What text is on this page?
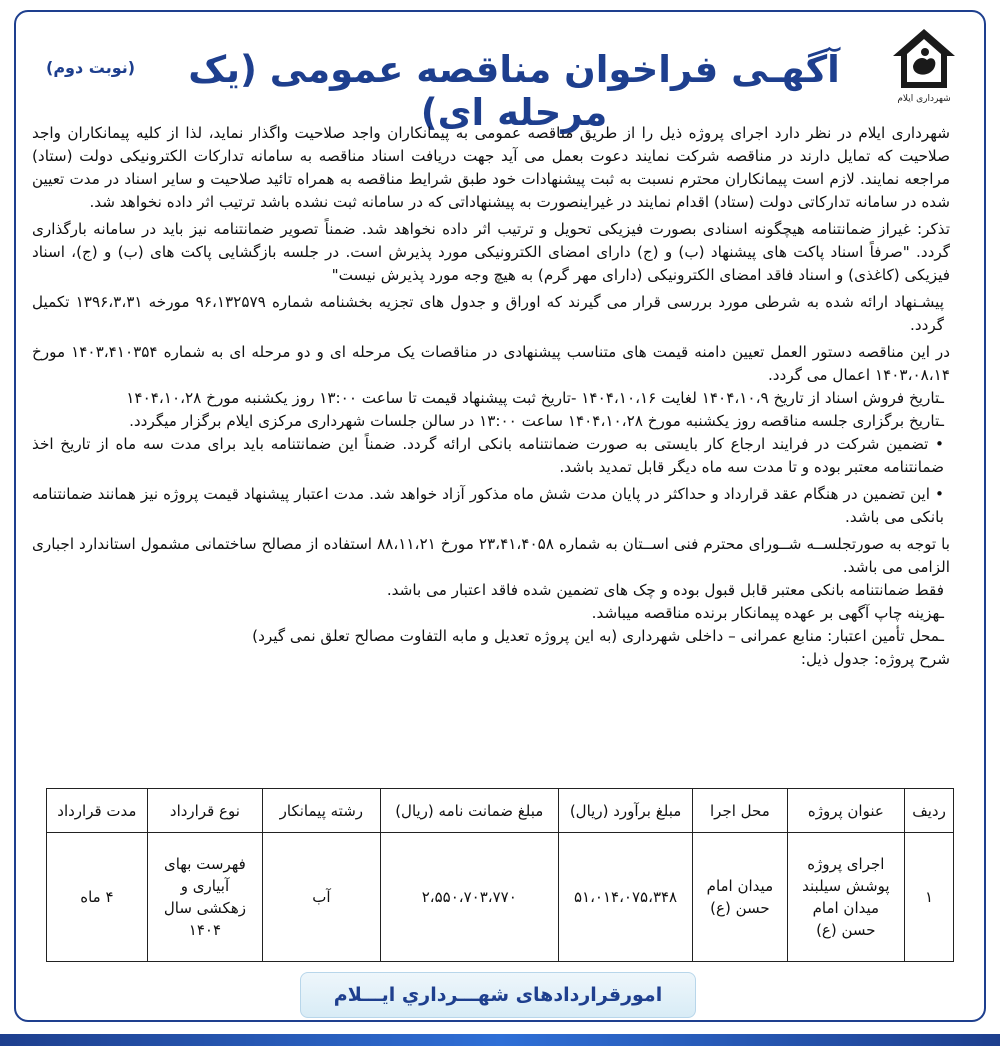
شهرداری ایلام
آگهـی فراخوان مناقصه عمومی (یک مرحله ای)
(نوبت دوم)

شهرداری ایلام در نظر دارد اجرای پروژه ذیل را از طریق مناقصه عمومی به پیمانکاران واجد صلاحیت واگذار نماید، لذا از کلیه پیمانکاران واجد صلاحیت که تمایل دارند در مناقصه شرکت نمایند دعوت بعمل می آید جهت دریافت اسناد مناقصه به سامانه تدارکات الکترونیکی دولت (ستاد) مراجعه نمایند. لازم است پیمانکاران محترم نسبت به ثبت پیشنهادات خود طبق شرایط مناقصه به همراه تائید صلاحیت و سایر اسناد در مدت تعیین شده در سامانه تدارکاتی دولت (ستاد) اقدام نمایند در غیراینصورت به پیشنهاداتی که در سامانه ثبت نشده باشد ترتیب اثر داده نخواهد شد.

تذکر: غیراز ضمانتنامه هیچگونه اسنادی بصورت فیزیکی تحویل و ترتیب اثر داده نخواهد شد. ضمناً تصویر ضمانتنامه نیز باید در سامانه بارگذاری گردد. "صرفاً اسناد پاکت های پیشنهاد (ب) و (ج) دارای امضای الکترونیکی مورد پذیرش است. در جلسه بازگشایی پاکت های (ب) و (ج)، اسناد فیزیکی (کاغذی) و اسناد فاقد امضای الکترونیکی (دارای مهر گرم) به هیچ وجه مورد پذیرش نیست"

پیشـنهاد ارائه شده به شرطی مورد بررسی قرار می گیرند که اوراق و جدول های تجزیه بخشنامه شماره ۹۶،۱۳۲۵۷۹ مورخه ۱۳۹۶،۳،۳۱ تکمیل گردد.

در این مناقصه دستور العمل تعیین دامنه قیمت های متناسب پیشنهادی در مناقصات یک مرحله ای و دو مرحله ای به شماره ۱۴۰۳،۴۱۰۳۵۴ مورخ ۱۴۰۳،۰۸،۱۴ اعمال می گردد.

ـتاریخ فروش اسناد از تاریخ ۱۴۰۴،۱۰،۹ لغایت ۱۴۰۴،۱۰،۱۶ -تاریخ ثبت پیشنهاد قیمت تا ساعت ۱۳:۰۰ روز یکشنبه مورخ ۱۴۰۴،۱۰،۲۸

ـتاریخ برگزاری جلسه مناقصه روز یکشنبه مورخ ۱۴۰۴،۱۰،۲۸ ساعت ۱۳:۰۰ در سالن جلسات شهرداری مرکزی ایلام برگزار میگردد.

• تضمین شرکت در فرایند ارجاع کار بایستی به صورت ضمانتنامه بانکی ارائه گردد. ضمناً این ضمانتنامه باید برای مدت سه ماه از تاریخ اخذ ضمانتنامه معتبر بوده و تا مدت سه ماه دیگر قابل تمدید باشد.

• این تضمین در هنگام عقد قرارداد و حداکثر در پایان مدت شش ماه مذکور آزاد خواهد شد. مدت اعتبار پیشنهاد قیمت پروژه نیز همانند ضمانتنامه بانکی می باشد.

با توجه به صورتجلســه شــورای محترم فنی اســتان به شماره ۲۳،۴۱،۴۰۵۸ مورخ ۸۸،۱۱،۲۱ استفاده از مصالح ساختمانی مشمول استاندارد اجباری الزامی می باشد.

فقط ضمانتنامه بانکی معتبر قابل قبول بوده و چک های تضمین شده فاقد اعتبار می باشد.

ـهزینه چاپ آگهی بر عهده پیمانکار برنده مناقصه میباشد.

ـمحل تأمین اعتبار: منابع عمرانی – داخلی شهرداری (به این پروژه تعدیل و مابه التفاوت مصالح تعلق نمی گیرد)

شرح پروژه: جدول ذیل:

ردیف	عنوان پروژه	محل اجرا	مبلغ برآورد (ریال)	مبلغ ضمانت نامه (ریال)	رشته پیمانکار	نوع قرارداد	مدت قرارداد
۱	اجرای پروژه پوشش سیلبند میدان امام حسن (ع)	میدان امام حسن (ع)	۵۱،۰۱۴،۰۷۵،۳۴۸	۲،۵۵۰،۷۰۳،۷۷۰	آب	فهرست بهای آبیاری و زهکشی سال ۱۴۰۴	۴ ماه
امورقراردادهای شهـــرداري ايـــلام
